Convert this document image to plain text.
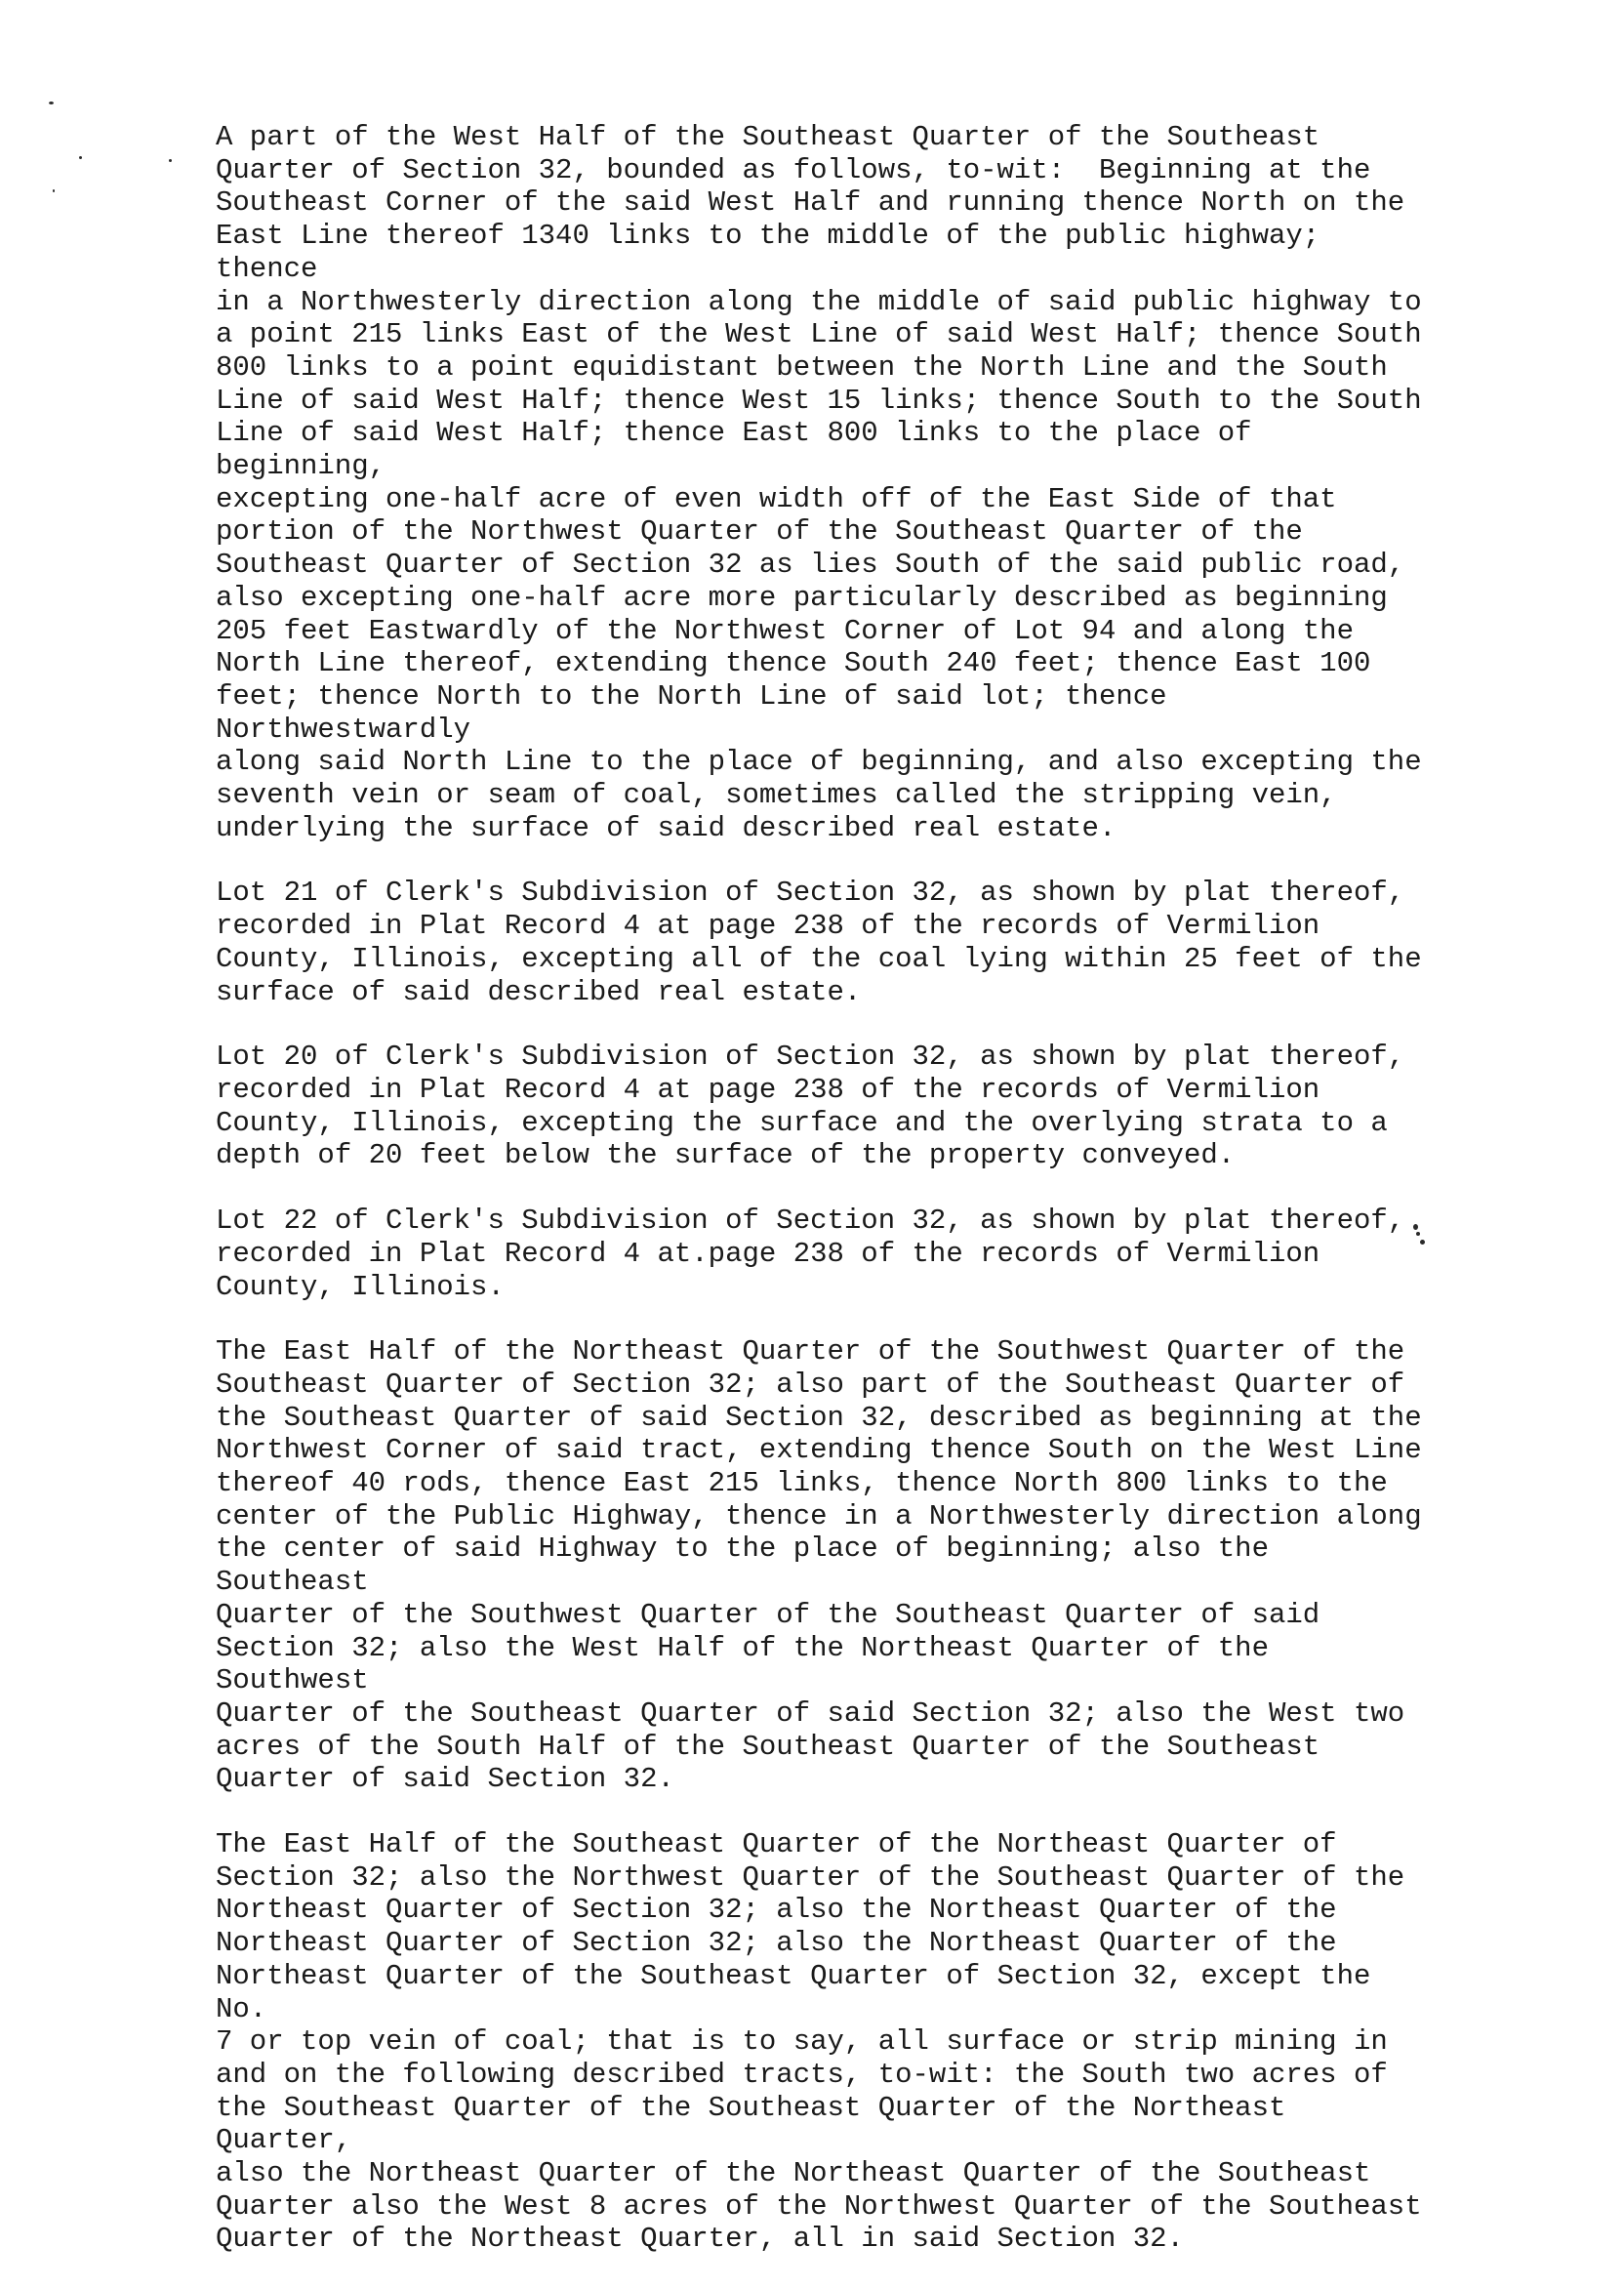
A part of the West Half of the Southeast Quarter of the Southeast
Quarter of Section 32, bounded as follows, to-wit:  Beginning at the
Southeast Corner of the said West Half and running thence North on the
East Line thereof 1340 links to the middle of the public highway; thence
in a Northwesterly direction along the middle of said public highway to
a point 215 links East of the West Line of said West Half; thence South
800 links to a point equidistant between the North Line and the South
Line of said West Half; thence West 15 links; thence South to the South
Line of said West Half; thence East 800 links to the place of beginning,
excepting one-half acre of even width off of the East Side of that
portion of the Northwest Quarter of the Southeast Quarter of the
Southeast Quarter of Section 32 as lies South of the said public road,
also excepting one-half acre more particularly described as beginning
205 feet Eastwardly of the Northwest Corner of Lot 94 and along the
North Line thereof, extending thence South 240 feet; thence East 100
feet; thence North to the North Line of said lot; thence Northwestwardly
along said North Line to the place of beginning, and also excepting the
seventh vein or seam of coal, sometimes called the stripping vein,
underlying the surface of said described real estate.

Lot 21 of Clerk's Subdivision of Section 32, as shown by plat thereof,
recorded in Plat Record 4 at page 238 of the records of Vermilion
County, Illinois, excepting all of the coal lying within 25 feet of the
surface of said described real estate.

Lot 20 of Clerk's Subdivision of Section 32, as shown by plat thereof,
recorded in Plat Record 4 at page 238 of the records of Vermilion
County, Illinois, excepting the surface and the overlying strata to a
depth of 20 feet below the surface of the property conveyed.

Lot 22 of Clerk's Subdivision of Section 32, as shown by plat thereof,
recorded in Plat Record 4 at.page 238 of the records of Vermilion
County, Illinois.

The East Half of the Northeast Quarter of the Southwest Quarter of the
Southeast Quarter of Section 32; also part of the Southeast Quarter of
the Southeast Quarter of said Section 32, described as beginning at the
Northwest Corner of said tract, extending thence South on the West Line
thereof 40 rods, thence East 215 links, thence North 800 links to the
center of the Public Highway, thence in a Northwesterly direction along
the center of said Highway to the place of beginning; also the Southeast
Quarter of the Southwest Quarter of the Southeast Quarter of said
Section 32; also the West Half of the Northeast Quarter of the Southwest
Quarter of the Southeast Quarter of said Section 32; also the West two
acres of the South Half of the Southeast Quarter of the Southeast
Quarter of said Section 32.

The East Half of the Southeast Quarter of the Northeast Quarter of
Section 32; also the Northwest Quarter of the Southeast Quarter of the
Northeast Quarter of Section 32; also the Northeast Quarter of the
Northeast Quarter of Section 32; also the Northeast Quarter of the
Northeast Quarter of the Southeast Quarter of Section 32, except the No.
7 or top vein of coal; that is to say, all surface or strip mining in
and on the following described tracts, to-wit: the South two acres of
the Southeast Quarter of the Southeast Quarter of the Northeast Quarter,
also the Northeast Quarter of the Northeast Quarter of the Southeast
Quarter also the West 8 acres of the Northwest Quarter of the Southeast
Quarter of the Northeast Quarter, all in said Section 32.
